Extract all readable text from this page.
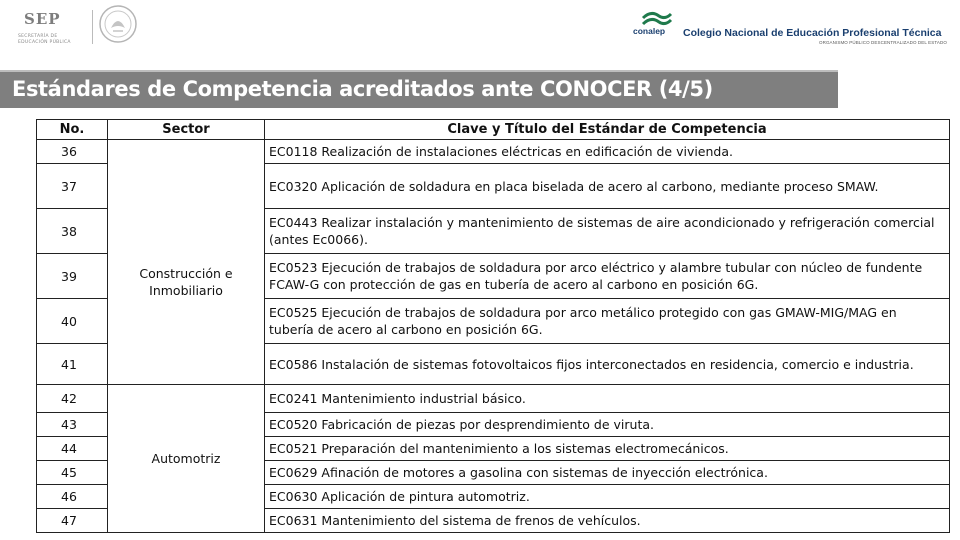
SEP
SECRETARÍA DE EDUCACIÓN PÚBLICA
conalep Colegio Nacional de Educación Profesional Técnica
ORGANISMO PÚBLICO DESCENTRALIZADO DEL ESTADO
Estándares de Competencia acreditados ante CONOCER (4/5)
No.	Sector	Clave y Título del Estándar de Competencia
36	Construcción e Inmobiliario	EC0118 Realización de instalaciones eléctricas en edificación de vivienda.
37		EC0320 Aplicación de soldadura en placa biselada de acero al carbono, mediante proceso SMAW.
38		EC0443 Realizar instalación y mantenimiento de sistemas de aire acondicionado y refrigeración comercial (antes Ec0066).
39		EC0523 Ejecución de trabajos de soldadura por arco eléctrico y alambre tubular con núcleo de fundente FCAW-G con protección de gas en tubería de acero al carbono en posición 6G.
40		EC0525 Ejecución de trabajos de soldadura por arco metálico protegido con gas GMAW-MIG/MAG en tubería de acero al carbono en posición 6G.
41		EC0586 Instalación de sistemas fotovoltaicos fijos interconectados en residencia, comercio e industria.
42	Automotriz	EC0241 Mantenimiento industrial básico.
43		EC0520 Fabricación de piezas por desprendimiento de viruta.
44		EC0521 Preparación del mantenimiento a los sistemas electromecánicos.
45		EC0629 Afinación de motores a gasolina con sistemas de inyección electrónica.
46		EC0630 Aplicación de pintura automotriz.
47		EC0631 Mantenimiento del sistema de frenos de vehículos.
